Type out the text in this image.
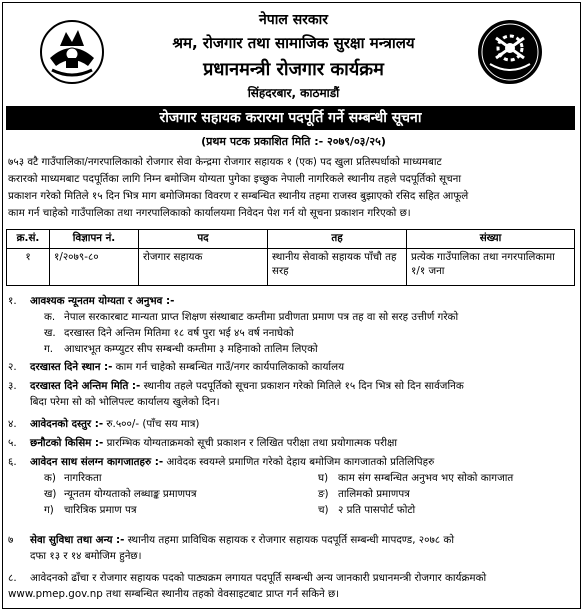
नेपाल सरकार
श्रम, रोजगार तथा सामाजिक सुरक्षा मन्त्रालय
प्रधानमन्त्री रोजगार कार्यक्रम
सिंहदरबार, काठमाडौं
रोजगार सहायक करारमा पदपूर्ति गर्ने सम्बन्धी सूचना
(प्रथम पटक प्रकाशित मिति :- २०७९/०३/२५)
७५३ वटै गाउँपालिका/नगरपालिकाको रोजगार सेवा केन्द्रमा रोजगार सहायक १ (एक) पद खुला प्रतिस्पर्धाको माध्यमबाट
करारको माध्यमबाट पदपूर्तिका लागि निम्न बमोजिम योग्यता पुगेका इच्छुक नेपाली नागरिकले स्थानीय तहले पदपूर्तिको सूचना
प्रकाशन गरेको मितिले १५ दिन भित्र माग बमोजिमका विवरण र सम्बन्धित स्थानीय तहमा राजस्व बुझाएको रसिद सहित आफूले
काम गर्न चाहेको गाउँपालिका तथा नगरपालिकाको कार्यालयमा निवेदन पेश गर्न यो सूचना प्रकाशन गरिएको छ।
क्र.सं.	विज्ञापन नं.	पद	तह	संख्या
१	१/२०७९-८०	रोजगार सहायक	स्थानीय सेवाको सहायक पाँचौ तह सरह	प्रत्येक गाउँपालिका तथा नगरपालिकामा १/१ जना
१. आवश्यक न्यूनतम योग्यता र अनुभव :-
क. नेपाल सरकारबाट मान्यता प्राप्त शिक्षण संस्थाबाट कम्तीमा प्रवीणता प्रमाण पत्र तह वा सो सरह उत्तीर्ण गरेको
ख. दरखास्त दिने अन्तिम मितिमा १८ वर्ष पुरा भई ४५ वर्ष ननाघेको
ग. आधारभूत कम्प्युटर सीप सम्बन्धी कम्तीमा ३ महिनाको तालिम लिएको
२. दरखास्त दिने स्थान :- काम गर्न चाहेको सम्बन्धित गाउँ/नगर कार्यपालिकाको कार्यालय
३. दरखास्त दिने अन्तिम मिति :- स्थानीय तहले पदपूर्तिको सूचना प्रकाशन गरेको मितिले १५ दिन भित्र सो दिन सार्वजनिक
बिदा परेमा सो को भोलिपल्ट कार्यालय खुलेको दिन।
४. आवेदनको दस्तुर :- रु.५००/- (पाँच सय मात्र)
५. छनौटको किसिम :- प्रारम्भिक योग्यताक्रमको सूची प्रकाशन र लिखित परीक्षा तथा प्रयोगात्मक परीक्षा
६. आवेदन साथ संलग्न कागजातहरु :- आवेदक स्वयम्ले प्रमाणित गरेको देहाय बमोजिम कागजातको प्रतिलिपिहरु
क) नागरिकता	घ) काम संग सम्बन्धित अनुभव भए सोको कागजात
ख) न्यूनतम योग्यताको लब्धाङ्क प्रमाणपत्र	ङ) तालिमको प्रमाणपत्र
ग) चारित्रिक प्रमाण पत्र	च) २ प्रति पासपोर्ट फोटो
७ सेवा सुविधा तथा अन्य :- स्थानीय तहमा प्राविधिक सहायक र रोजगार सहायक पदपूर्ति सम्बन्धी मापदण्ड, २०७८ को
दफा १३ र १४ बमोजिम हुनेछ।
८. आवेदनको ढाँचा र रोजगार सहायक पदको पाठ्यक्रम लगायत पदपूर्ति सम्बन्धी अन्य जानकारी प्रधानमन्त्री रोजगार कार्यक्रमको
www.pmep.gov.np तथा सम्बन्धित स्थानीय तहको वेवसाइटबाट प्राप्त गर्न सकिने छ।
